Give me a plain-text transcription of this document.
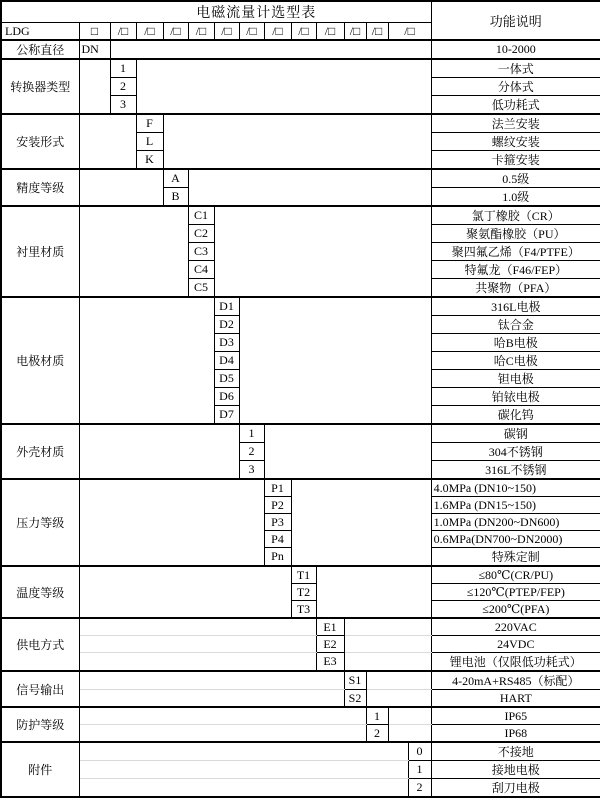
电磁流量计选型表															功能说明
LDG	□	/□	/□	/□	/□	/□	/□	/□	/□	/□	/□	/□	/□		
公称直径	DN														10-2000
转换器类型		1													一体式
		2													分体式
		3													低功耗式
安装形式			F												法兰安装
			L												螺纹安装
			K												卡箍安装
精度等级				A											0.5级
				B											1.0级
衬里材质					C1										氯丁橡胶（CR）
					C2										聚氨酯橡胶（PU）
					C3										聚四氟乙烯（F4/PTFE）
					C4										特氟龙（F46/FEP）
					C5										共聚物（PFA）
电极材质						D1									316L电极
						D2									钛合金
						D3									哈B电极
						D4									哈C电极
						D5									钽电极
						D6									铂铱电极
						D7									碳化钨
外壳材质							1								碳钢
							2								304不锈钢
							3								316L不锈钢
压力等级								P1							4.0MPa (DN10~150)
								P2							1.6MPa (DN15~150)
								P3							1.0MPa (DN200~DN600)
								P4							0.6MPa(DN700~DN2000)
								Pn							特殊定制
温度等级									T1						≤80℃(CR/PU)
									T2						≤120℃(PTEP/FEP)
									T3						≤200℃(PFA)
供电方式										E1					220VAC
										E2					24VDC
										E3					锂电池（仅限低功耗式）
信号输出											S1				4-20mA+RS485（标配）
											S2				HART
防护等级												1			IP65
												2			IP68
附件														0	不接地
														1	接地电极
														2	刮刀电极
